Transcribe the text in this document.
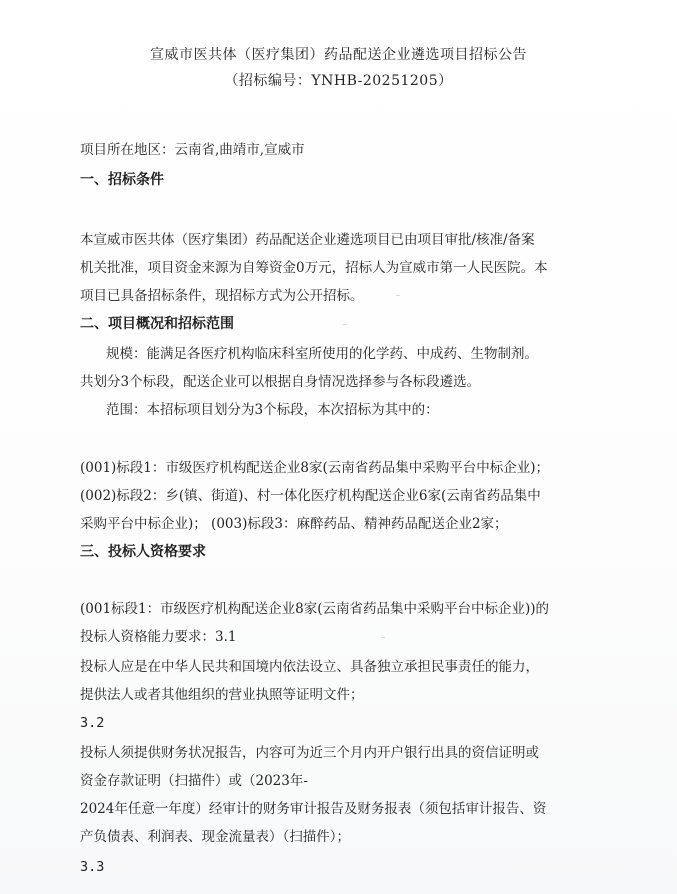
宣威市医共体（医疗集团）药品配送企业遴选项目招标公告
（招标编号：YNHB-20251205）
项目所在地区：云南省,曲靖市,宣威市
一、招标条件
本宣威市医共体（医疗集团）药品配送企业遴选项目已由项目审批/核准/备案
机关批准，项目资金来源为自筹资金0万元，招标人为宣威市第一人民医院。本
项目已具备招标条件，现招标方式为公开招标。
二、项目概况和招标范围
规模：能满足各医疗机构临床科室所使用的化学药、中成药、生物制剂。
共划分3个标段，配送企业可以根据自身情况选择参与各标段遴选。
范围：本招标项目划分为3个标段，本次招标为其中的：
(001)标段1：市级医疗机构配送企业8家(云南省药品集中采购平台中标企业)；
(002)标段2：乡(镇、街道)、村一体化医疗机构配送企业6家(云南省药品集中
采购平台中标企业)； (003)标段3：麻醉药品、精神药品配送企业2家；
三、投标人资格要求
(001标段1：市级医疗机构配送企业8家(云南省药品集中采购平台中标企业))的
投标人资格能力要求：3.1
投标人应是在中华人民共和国境内依法设立、具备独立承担民事责任的能力，
提供法人或者其他组织的营业执照等证明文件；
3.2
投标人须提供财务状况报告，内容可为近三个月内开户银行出具的资信证明或
资金存款证明（扫描件）或（2023年-
2024年任意一年度）经审计的财务审计报告及财务报表（须包括审计报告、资
产负债表、利润表、现金流量表）（扫描件）；
3.3
